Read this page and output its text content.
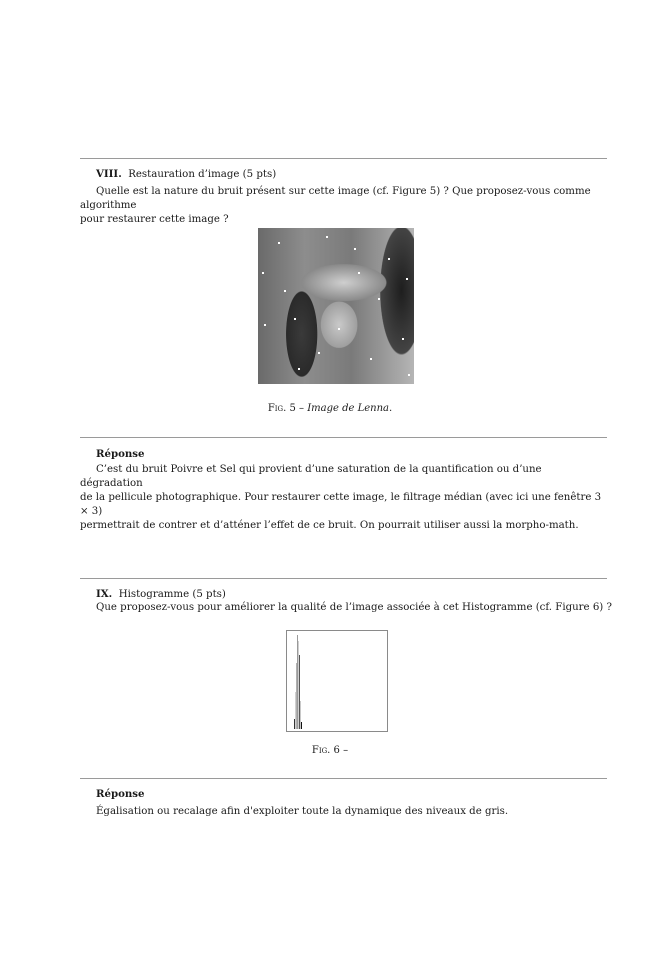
VIII. Restauration d’image (5 pts)
Quelle est la nature du bruit présent sur cette image (cf. Figure 5) ? Que proposez-vous comme algorithme
pour restaurer cette image ?
Fig. 5 – Image de Lenna.
Réponse
C’est du bruit Poivre et Sel qui provient d’une saturation de la quantification ou d’une dégradation
de la pellicule photographique. Pour restaurer cette image, le filtrage médian (avec ici une fenêtre 3 × 3)
permettrait de contrer et d’atténer l’effet de ce bruit. On pourrait utiliser aussi la morpho-math.
IX. Histogramme (5 pts)
Que proposez-vous pour améliorer la qualité de l’image associée à cet Histogramme (cf. Figure 6) ?
Fig. 6 –
Réponse
Égalisation ou recalage afin d'exploiter toute la dynamique des niveaux de gris.
